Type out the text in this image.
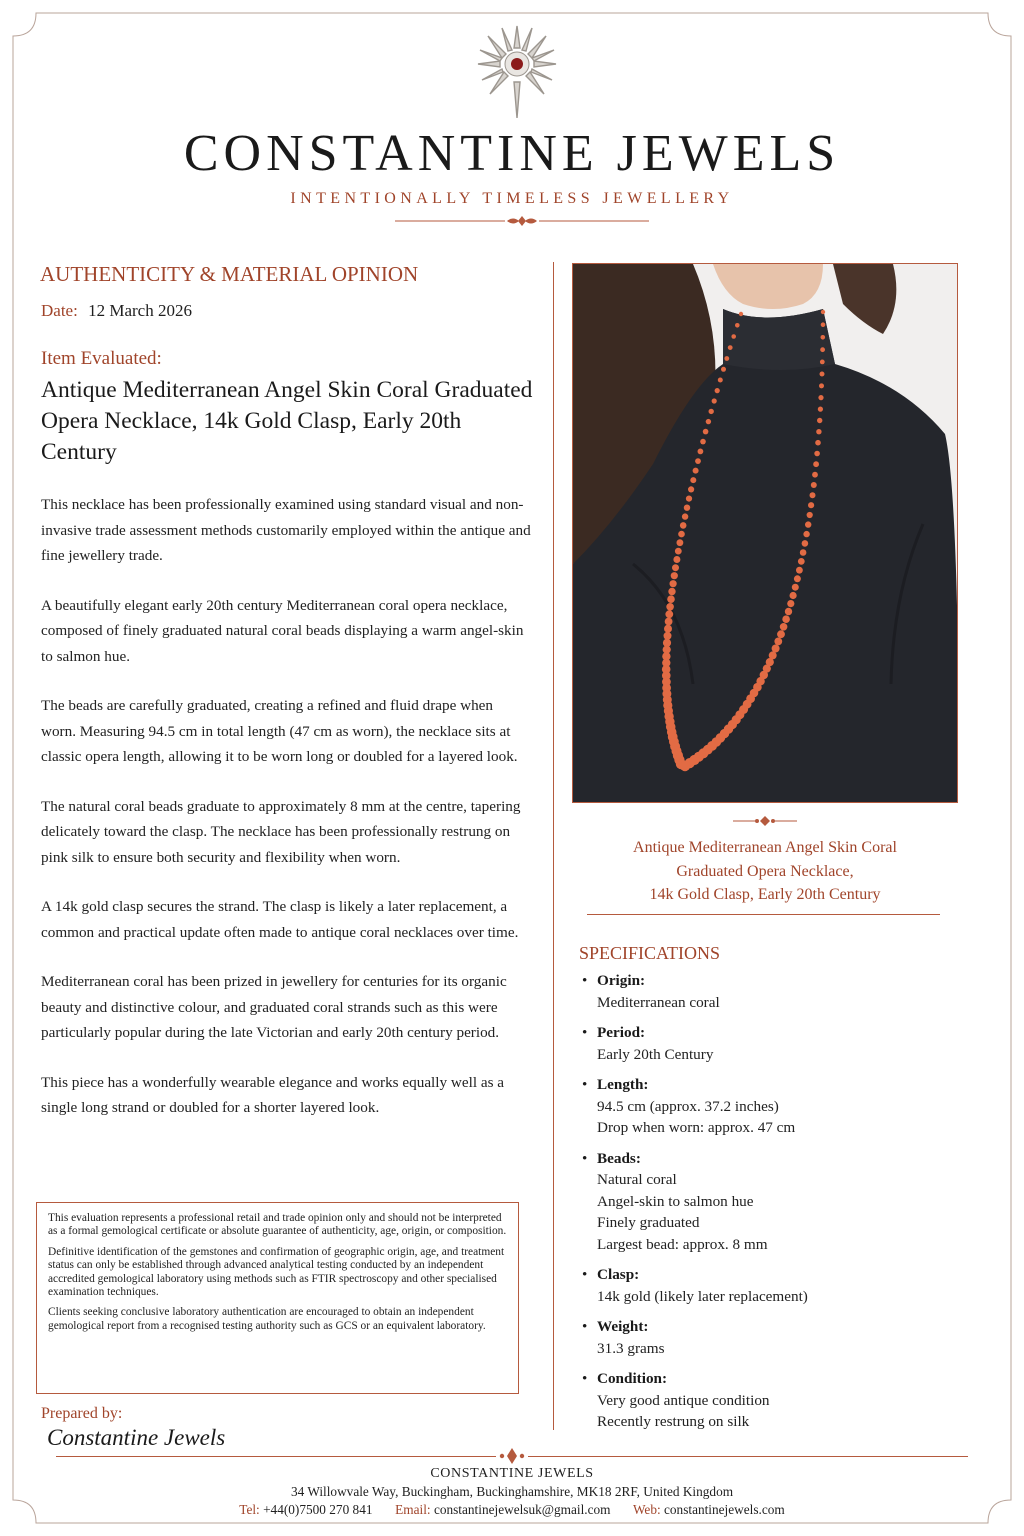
CONSTANTINE JEWELS
INTENTIONALLY TIMELESS JEWELLERY
AUTHENTICITY & MATERIAL OPINION
Date: 12 March 2026
Item Evaluated:
Antique Mediterranean Angel Skin Coral Graduated Opera Necklace, 14k Gold Clasp, Early 20th Century

This necklace has been professionally examined using standard visual and non-invasive trade assessment methods customarily employed within the antique and fine jewellery trade.

A beautifully elegant early 20th century Mediterranean coral opera necklace, composed of finely graduated natural coral beads displaying a warm angel-skin to salmon hue.

The beads are carefully graduated, creating a refined and fluid drape when worn. Measuring 94.5 cm in total length (47 cm as worn), the necklace sits at classic opera length, allowing it to be worn long or doubled for a layered look.

The natural coral beads graduate to approximately 8 mm at the centre, tapering delicately toward the clasp. The necklace has been professionally restrung on pink silk to ensure both security and flexibility when worn.

A 14k gold clasp secures the strand. The clasp is likely a later replacement, a common and practical update often made to antique coral necklaces over time.

Mediterranean coral has been prized in jewellery for centuries for its organic beauty and distinctive colour, and graduated coral strands such as this were particularly popular during the late Victorian and early 20th century period.

This piece has a wonderfully wearable elegance and works equally well as a single long strand or doubled for a shorter layered look.

This evaluation represents a professional retail and trade opinion only and should not be interpreted as a formal gemological certificate or absolute guarantee of authenticity, age, origin, or composition.

Definitive identification of the gemstones and confirmation of geographic origin, age, and treatment status can only be established through advanced analytical testing conducted by an independent accredited gemological laboratory using methods such as FTIR spectroscopy and other specialised examination techniques.

Clients seeking conclusive laboratory authentication are encouraged to obtain an independent gemological report from a recognised testing authority such as GCS or an equivalent laboratory.

Prepared by:
Constantine Jewels
Antique Mediterranean Angel Skin Coral
Graduated Opera Necklace,
14k Gold Clasp, Early 20th Century
SPECIFICATIONS
• Origin:
Mediterranean coral
• Period:
Early 20th Century
• Length:
94.5 cm (approx. 37.2 inches)
Drop when worn: approx. 47 cm
• Beads:
Natural coral
Angel-skin to salmon hue
Finely graduated
Largest bead: approx. 8 mm
• Clasp:
14k gold (likely later replacement)
• Weight:
31.3 grams
• Condition:
Very good antique condition
Recently restrung on silk
CONSTANTINE JEWELS
34 Willowvale Way, Buckingham, Buckinghamshire, MK18 2RF, United Kingdom
Tel: +44(0)7500 270 841 Email: constantinejewelsuk@gmail.com Web: constantinejewels.com
